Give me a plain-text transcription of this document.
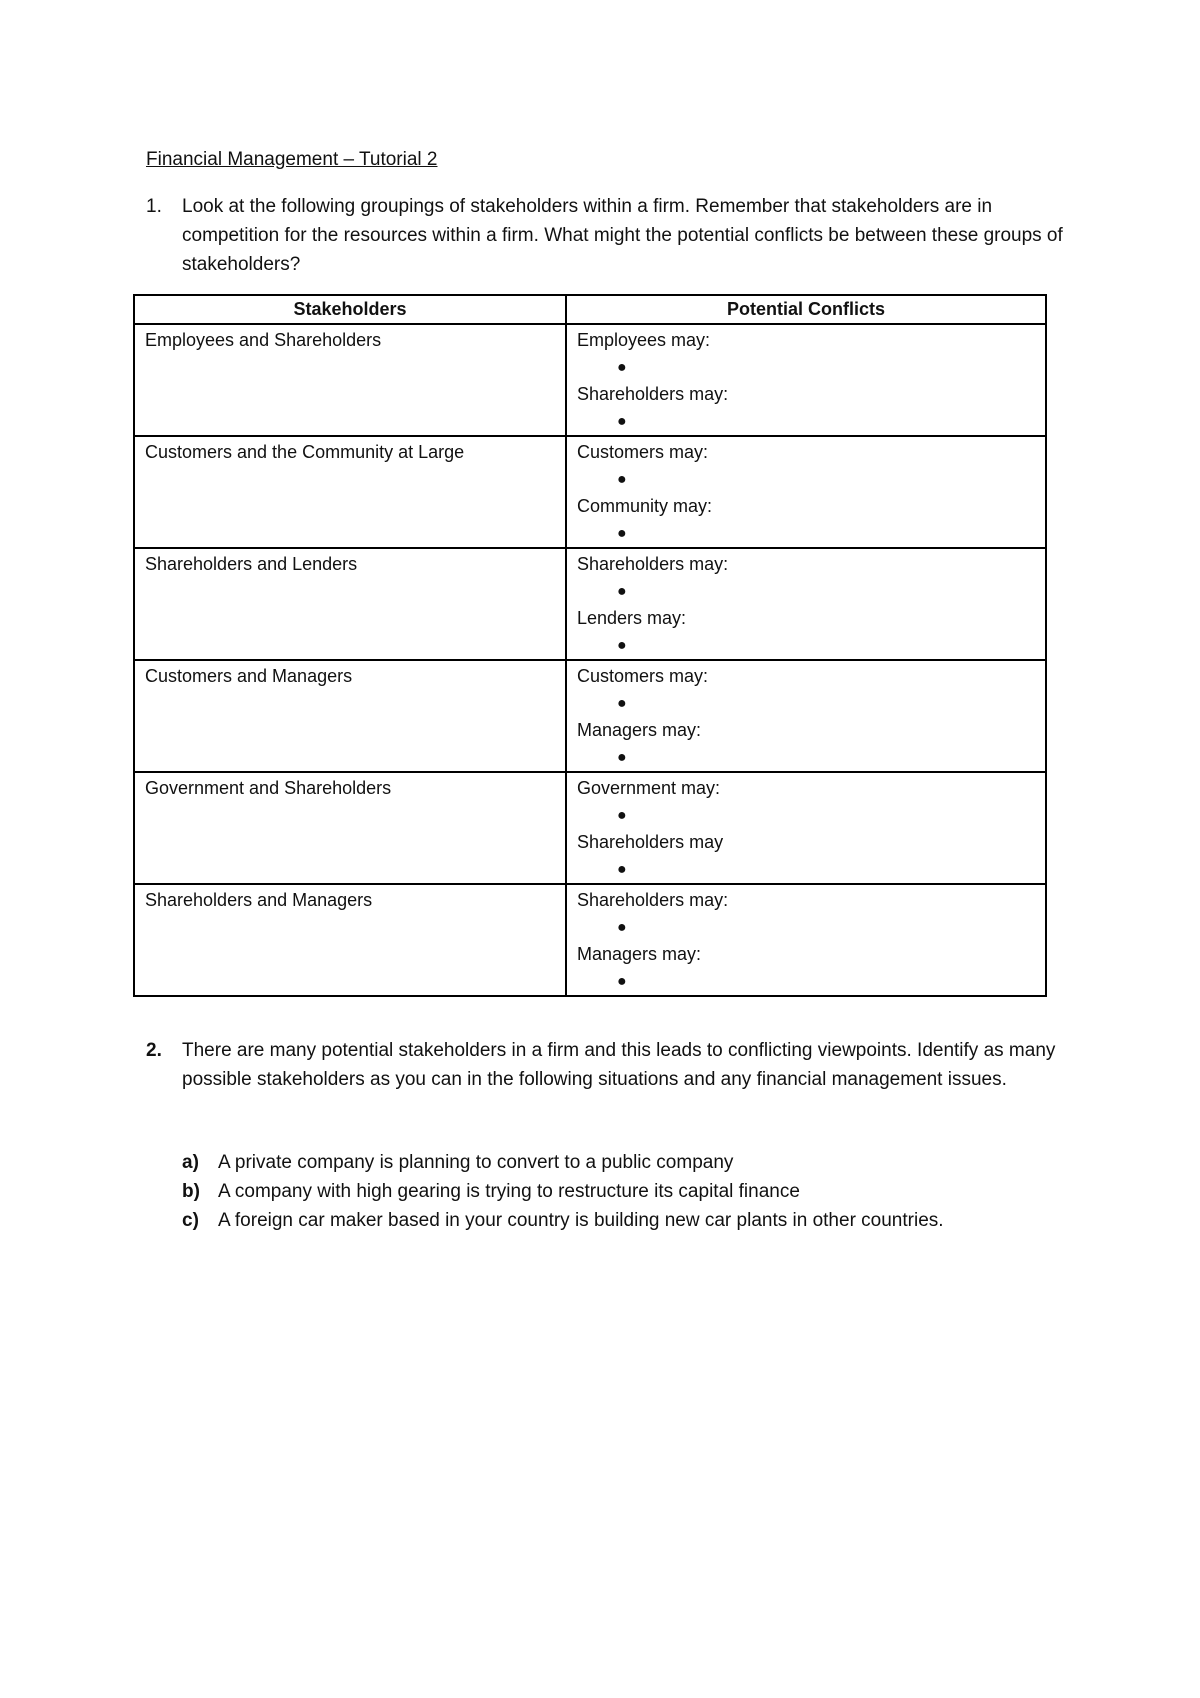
Financial Management – Tutorial 2
1.	Look at the following groupings of stakeholders within a firm. Remember that stakeholders are in competition for the resources within a firm. What might the potential conflicts be between these groups of stakeholders?
Stakeholders	Potential Conflicts
Employees and Shareholders	Employees may:
●
Shareholders may:
●

Customers and the Community at Large	Customers may:
●
Community may:
●

Shareholders and Lenders	Shareholders may:
●
Lenders may:
●

Customers and Managers	Customers may:
●
Managers may:
●

Government and Shareholders	Government may:
●
Shareholders may
●

Shareholders and Managers	Shareholders may:
●
Managers may:
●
2.	There are many potential stakeholders in a firm and this leads to conflicting viewpoints. Identify as many possible stakeholders as you can in the following situations and any financial management issues.
a)	A private company is planning to convert to a public company
b) A company with high gearing is trying to restructure its capital finance
c)	A foreign car maker based in your country is building new car plants in other countries.
